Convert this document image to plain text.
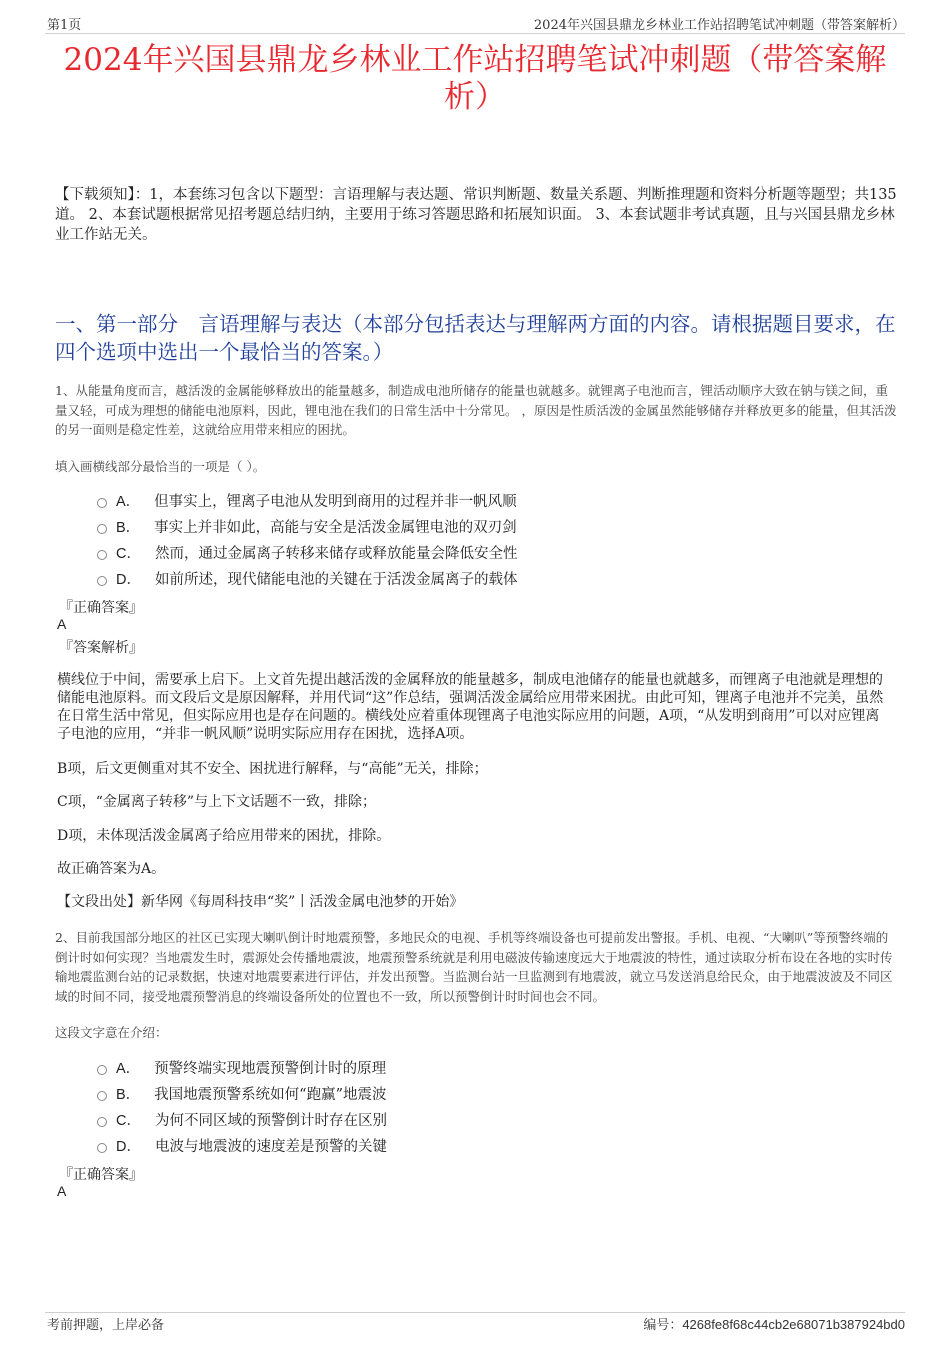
第1页	2024年兴国县鼎龙乡林业工作站招聘笔试冲刺题（带答案解析）
2024年兴国县鼎龙乡林业工作站招聘笔试冲刺题（带答案解析）
【下载须知】：1，本套练习包含以下题型：言语理解与表达题、常识判断题、数量关系题、判断推理题和资料分析题等题型；共135道。 2、本套试题根据常见招考题总结归纳，主要用于练习答题思路和拓展知识面。 3、本套试题非考试真题，且与兴国县鼎龙乡林业工作站无关。
一、第一部分　言语理解与表达（本部分包括表达与理解两方面的内容。请根据题目要求，在四个选项中选出一个最恰当的答案。）
1、从能量角度而言，越活泼的金属能够释放出的能量越多，制造成电池所储存的能量也就越多。就锂离子电池而言，锂活动顺序大致在钠与镁之间，重量又轻，可成为理想的储能电池原料，因此，锂电池在我们的日常生活中十分常见。 ，原因是性质活泼的金属虽然能够储存并释放更多的能量，但其活泼的另一面则是稳定性差，这就给应用带来相应的困扰。
填入画横线部分最恰当的一项是（ ）。
A． 但事实上，锂离子电池从发明到商用的过程并非一帆风顺
B． 事实上并非如此，高能与安全是活泼金属锂电池的双刃剑
C． 然而，通过金属离子转移来储存或释放能量会降低安全性
D． 如前所述，现代储能电池的关键在于活泼金属离子的载体
『正确答案』
A
『答案解析』
横线位于中间，需要承上启下。上文首先提出越活泼的金属释放的能量越多，制成电池储存的能量也就越多，而锂离子电池就是理想的储能电池原料。而文段后文是原因解释，并用代词“这”作总结，强调活泼金属给应用带来困扰。由此可知，锂离子电池并不完美，虽然在日常生活中常见，但实际应用也是存在问题的。横线处应着重体现锂离子电池实际应用的问题，A项，“从发明到商用”可以对应锂离子电池的应用，“并非一帆风顺”说明实际应用存在困扰，选择A项。
B项，后文更侧重对其不安全、困扰进行解释，与“高能”无关，排除；
C项，“金属离子转移”与上下文话题不一致，排除；
D项，未体现活泼金属离子给应用带来的困扰，排除。
故正确答案为A。
【文段出处】新华网《每周科技串“奖”丨活泼金属电池梦的开始》
2、目前我国部分地区的社区已实现大喇叭倒计时地震预警，多地民众的电视、手机等终端设备也可提前发出警报。手机、电视、“大喇叭”等预警终端的倒计时如何实现？当地震发生时，震源处会传播地震波，地震预警系统就是利用电磁波传输速度远大于地震波的特性，通过读取分析布设在各地的实时传输地震监测台站的记录数据，快速对地震要素进行评估，并发出预警。当监测台站一旦监测到有地震波，就立马发送消息给民众，由于地震波波及不同区域的时间不同，接受地震预警消息的终端设备所处的位置也不一致，所以预警倒计时时间也会不同。
这段文字意在介绍：
A． 预警终端实现地震预警倒计时的原理
B． 我国地震预警系统如何“跑赢”地震波
C． 为何不同区域的预警倒计时存在区别
D． 电波与地震波的速度差是预警的关键
『正确答案』
A
考前押题，上岸必备	编号：4268fe8f68c44cb2e68071b387924bd0
